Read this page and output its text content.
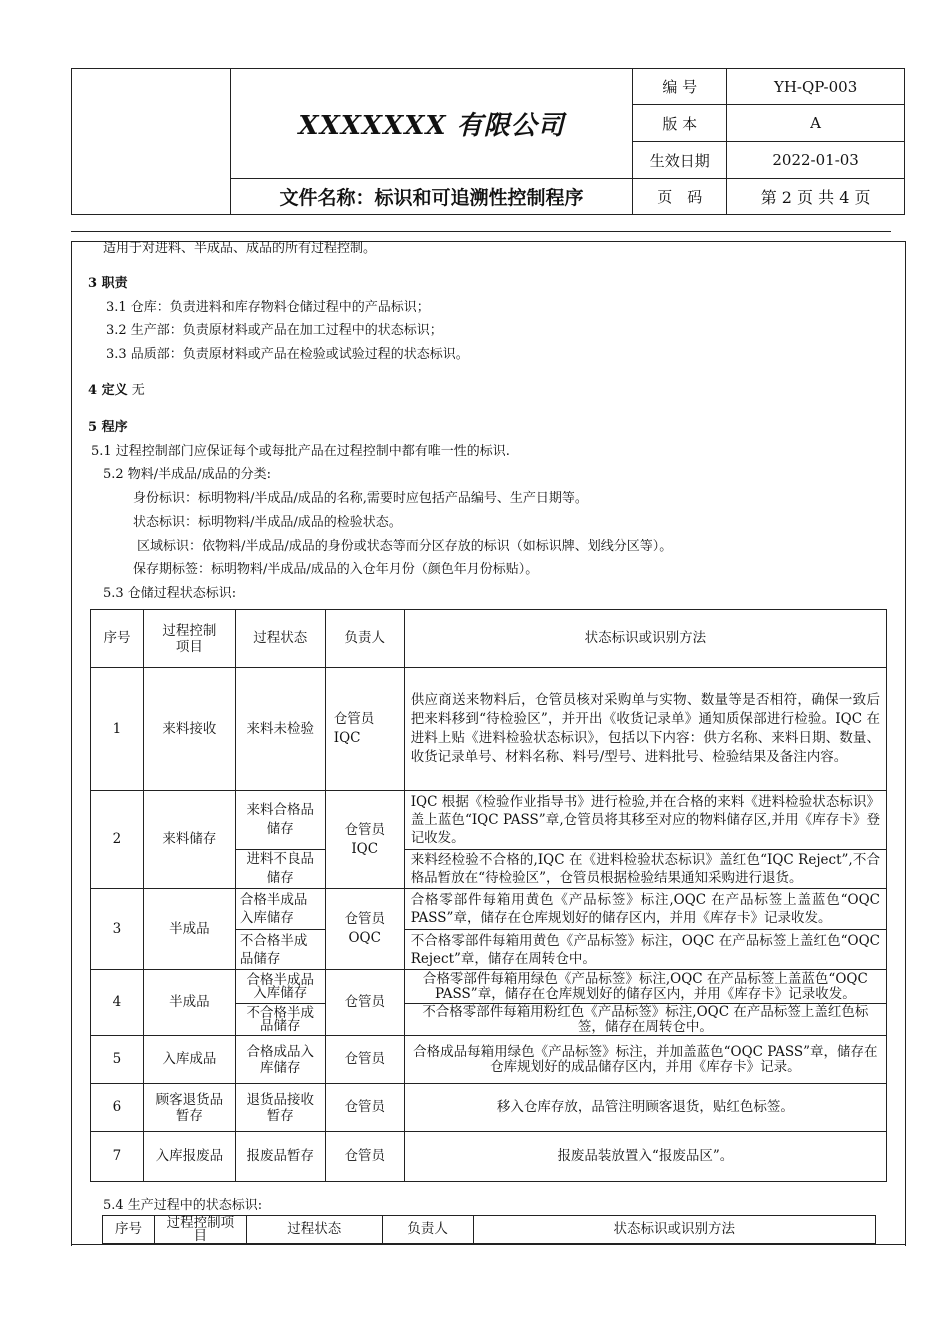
	XXXXXXX 有限公司	编 号	YH-QP-003
		版 本	A
		生效日期	2022-01-03
	文件名称：标识和可追溯性控制程序	页　码	第 2 页 共 4 页
适用于对进料、半成品、成品的所有过程控制。
3 职责
3.1 仓库：负责进料和库存物料仓储过程中的产品标识；
3.2 生产部：负责原材料或产品在加工过程中的状态标识；
3.3 品质部：负责原材料或产品在检验或试验过程的状态标识。
4 定义 无
5 程序
5.1 过程控制部门应保证每个或每批产品在过程控制中都有唯一性的标识.
5.2 物料/半成品/成品的分类:
身份标识：标明物料/半成品/成品的名称,需要时应包括产品编号、生产日期等。
状态标识：标明物料/半成品/成品的检验状态。
区域标识：依物料/半成品/成品的身份或状态等而分区存放的标识（如标识牌、划线分区等）。
保存期标签：标明物料/半成品/成品的入仓年月份（颜色年月份标贴）。
5.3 仓储过程状态标识:
序号	过程控制项目	过程状态	负责人	状态标识或识别方法
1	来料接收	来料未检验	仓管员 IQC	供应商送来物料后，仓管员核对采购单与实物、数量等是否相符，确保一致后把来料移到“待检验区”，并开出《收货记录单》通知质保部进行检验。IQC 在进料上贴《进料检验状态标识》，包括以下内容：供方名称、来料日期、数量、收货记录单号、材料名称、料号/型号、进料批号、检验结果及备注内容。
2	来料储存	来料合格品储存	仓管员 IQC	IQC 根据《检验作业指导书》进行检验,并在合格的来料《进料检验状态标识》盖上蓝色“IQC PASS”章,仓管员将其移至对应的物料储存区,并用《库存卡》登记收发。
		进料不良品储存		来料经检验不合格的,IQC 在《进料检验状态标识》盖红色“IQC Reject”,不合格品暂放在“待检验区”，仓管员根据检验结果通知采购进行退货。
3	半成品	合格半成品入库储存	仓管员 OQC	合格零部件每箱用黄色《产品标签》标注,OQC 在产品标签上盖蓝色“OQC PASS”章，储存在仓库规划好的储存区内，并用《库存卡》记录收发。
		不合格半成品储存		不合格零部件每箱用黄色《产品标签》标注，OQC 在产品标签上盖红色“OQC Reject”章，储存在周转仓中。
4	半成品	合格半成品入库储存	仓管员	合格零部件每箱用绿色《产品标签》标注,OQC 在产品标签上盖蓝色“OQC PASS”章，储存在仓库规划好的储存区内，并用《库存卡》记录收发。
		不合格半成品储存		不合格零部件每箱用粉红色《产品标签》标注,OQC 在产品标签上盖红色标签，储存在周转仓中。
5	入库成品	合格成品入库储存	仓管员	合格成品每箱用绿色《产品标签》标注，并加盖蓝色“OQC PASS”章，储存在仓库规划好的成品储存区内，并用《库存卡》记录。
6	顾客退货品暂存	退货品接收暂存	仓管员	移入仓库存放，品管注明顾客退货，贴红色标签。
7	入库报废品	报废品暂存	仓管员	报废品装放置入“报废品区”。
5.4 生产过程中的状态标识:
序号	过程控制项目	过程状态	负责人	状态标识或识别方法
